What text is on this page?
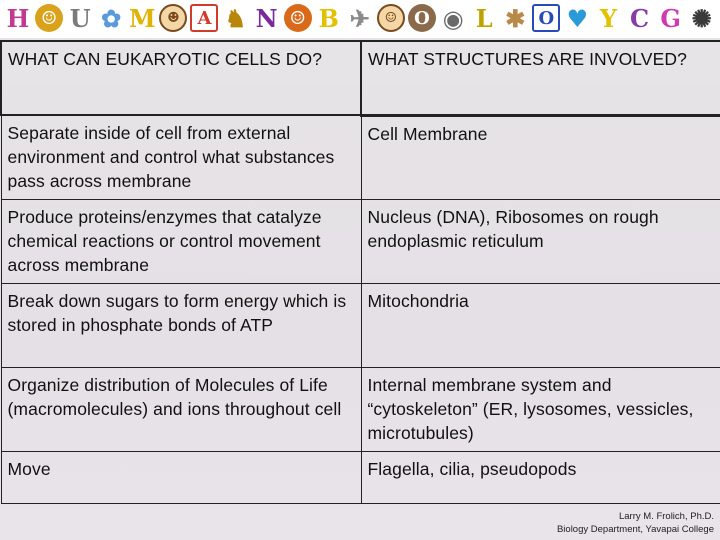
H ☺ U ✿ M ☻ A ♞ N ☺ B ✈	☺ O ◉ L ✱ O ♥ Y C G ✺
WHAT CAN EUKARYOTIC CELLS DO?	WHAT STRUCTURES ARE INVOLVED?
Separate inside of cell from external environment and control what substances pass across membrane	Cell Membrane
Produce proteins/enzymes that catalyze chemical reactions or control movement across membrane	Nucleus (DNA), Ribosomes on rough endoplasmic reticulum
Break down sugars to form energy which is stored in phosphate bonds of ATP	Mitochondria
Organize distribution of Molecules of Life (macromolecules) and ions throughout cell	Internal membrane system and “cytoskeleton” (ER, lysosomes, vessicles, microtubules)
Move	Flagella, cilia, pseudopods
Larry M. Frolich, Ph.D.
Biology Department, Yavapai College
